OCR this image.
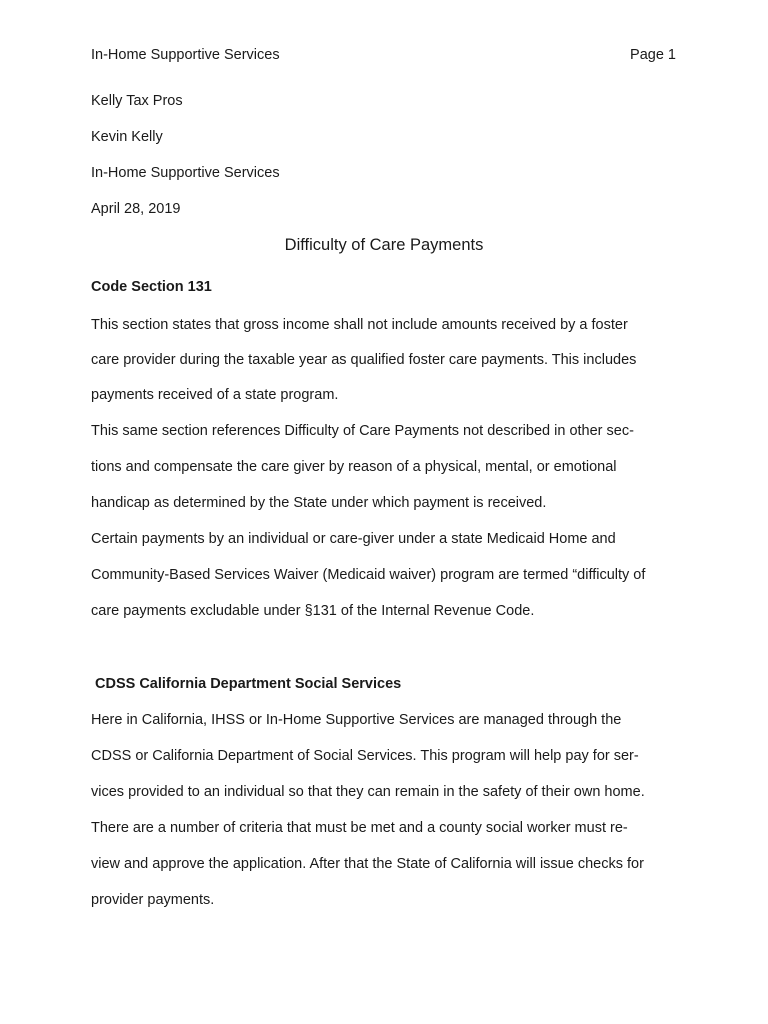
In-Home Supportive Services	Page 1
Kelly Tax Pros
Kevin Kelly
In-Home Supportive Services
April 28, 2019
Difficulty of Care Payments
Code Section 131
This section states that gross income shall not include amounts received by a foster
care provider during the taxable year as qualified foster care payments. This includes
payments received of a state program.
This same section references Difficulty of Care Payments not described in other sec-
tions and compensate the care giver by reason of a physical, mental, or emotional
handicap as determined by the State under which payment is received.
Certain payments by an individual or care-giver under a state Medicaid Home and
Community-Based Services Waiver (Medicaid waiver) program are termed “difficulty of
care payments excludable under §131 of the Internal Revenue Code.
CDSS California Department Social Services
Here in California, IHSS or In-Home Supportive Services are managed through the
CDSS or California Department of Social Services. This program will help pay for ser-
vices provided to an individual so that they can remain in the safety of their own home.
There are a number of criteria that must be met and a county social worker must re-
view and approve the application. After that the State of California will issue checks for
provider payments.
